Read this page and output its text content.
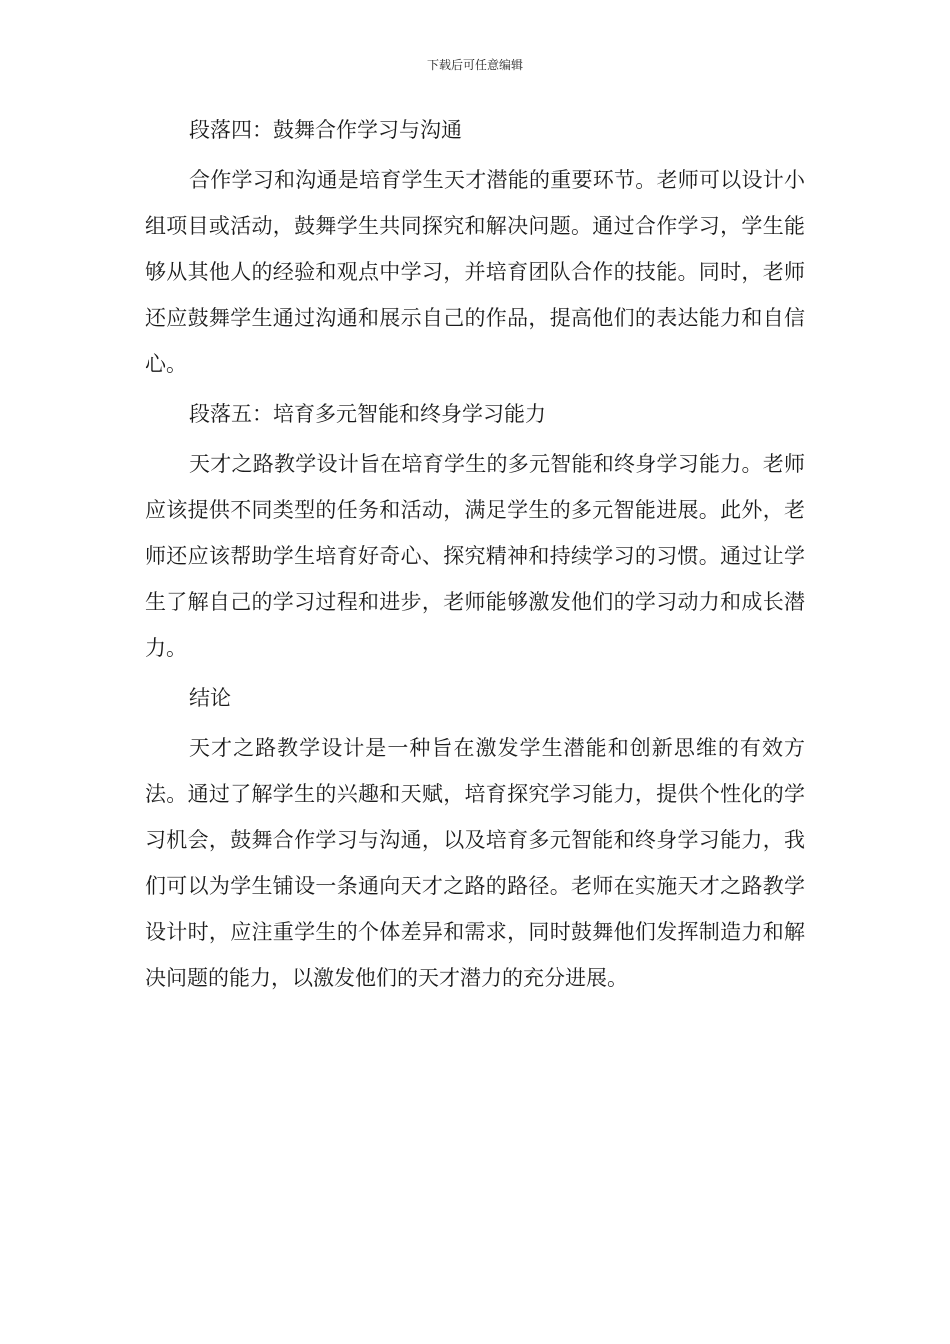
下载后可任意编辑

段落四：鼓舞合作学习与沟通

合作学习和沟通是培育学生天才潜能的重要环节。老师可以设计小组项目或活动，鼓舞学生共同探究和解决问题。通过合作学习，学生能够从其他人的经验和观点中学习，并培育团队合作的技能。同时，老师还应鼓舞学生通过沟通和展示自己的作品，提高他们的表达能力和自信心。

段落五：培育多元智能和终身学习能力

天才之路教学设计旨在培育学生的多元智能和终身学习能力。老师应该提供不同类型的任务和活动，满足学生的多元智能进展。此外，老师还应该帮助学生培育好奇心、探究精神和持续学习的习惯。通过让学生了解自己的学习过程和进步，老师能够激发他们的学习动力和成长潜力。

结论

天才之路教学设计是一种旨在激发学生潜能和创新思维的有效方法。通过了解学生的兴趣和天赋，培育探究学习能力，提供个性化的学习机会，鼓舞合作学习与沟通，以及培育多元智能和终身学习能力，我们可以为学生铺设一条通向天才之路的路径。老师在实施天才之路教学设计时，应注重学生的个体差异和需求，同时鼓舞他们发挥制造力和解决问题的能力，以激发他们的天才潜力的充分进展。
